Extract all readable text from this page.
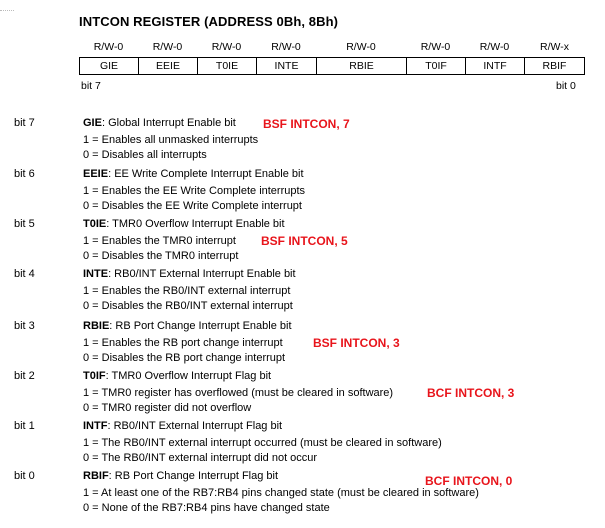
INTCON REGISTER (ADDRESS 0Bh, 8Bh)
R/W-0	R/W-0	R/W-0	R/W-0	R/W-0	R/W-0	R/W-0	R/W-x
GIE	EEIE	T0IE	INTE	RBIE	T0IF	INTF	RBIF
bit 7	bit 0
bit 7	GIE: Global Interrupt Enable bit
1 = Enables all unmasked interrupts
0 = Disables all interrupts
BSF INTCON, 7
bit 6	EEIE: EE Write Complete Interrupt Enable bit
1 = Enables the EE Write Complete interrupts
0 = Disables the EE Write Complete interrupt
bit 5	T0IE: TMR0 Overflow Interrupt Enable bit
1 = Enables the TMR0 interrupt
0 = Disables the TMR0 interrupt
BSF INTCON, 5
bit 4	INTE: RB0/INT External Interrupt Enable bit
1 = Enables the RB0/INT external interrupt
0 = Disables the RB0/INT external interrupt
bit 3	RBIE: RB Port Change Interrupt Enable bit
1 = Enables the RB port change interrupt
0 = Disables the RB port change interrupt
BSF INTCON, 3
bit 2	T0IF: TMR0 Overflow Interrupt Flag bit
1 = TMR0 register has overflowed (must be cleared in software)
0 = TMR0 register did not overflow
BCF INTCON, 3
bit 1	INTF: RB0/INT External Interrupt Flag bit
1 = The RB0/INT external interrupt occurred (must be cleared in software)
0 = The RB0/INT external interrupt did not occur
bit 0	RBIF: RB Port Change Interrupt Flag bit
1 = At least one of the RB7:RB4 pins changed state (must be cleared in software)
0 = None of the RB7:RB4 pins have changed state
BCF INTCON, 0
